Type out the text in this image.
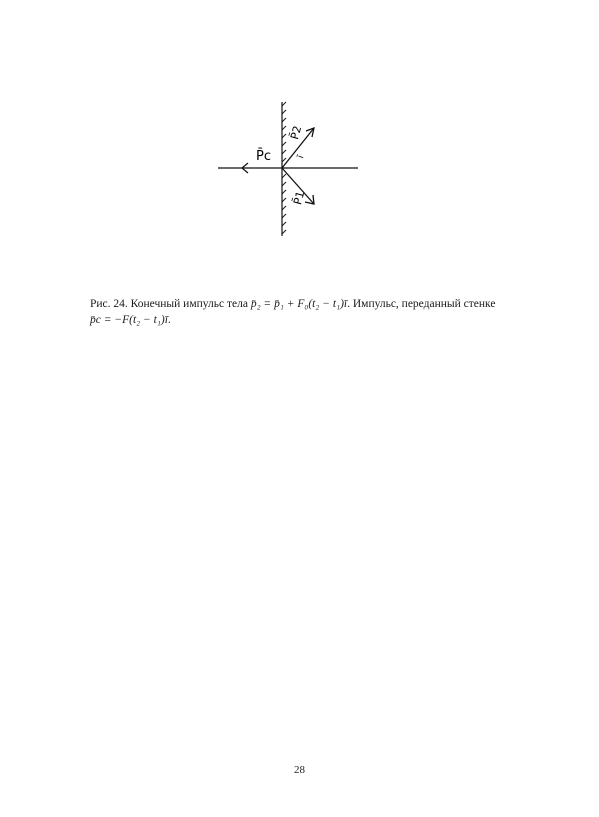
P̄c
P̄2
ī
P̄1
Рис. 24. Конечный импульс тела p̄₂ = p̄₁ + F₀(t₂ − t₁)ī. Импульс, переданный стенке
p̄c = −F(t₂ − t₁)ī.
28
